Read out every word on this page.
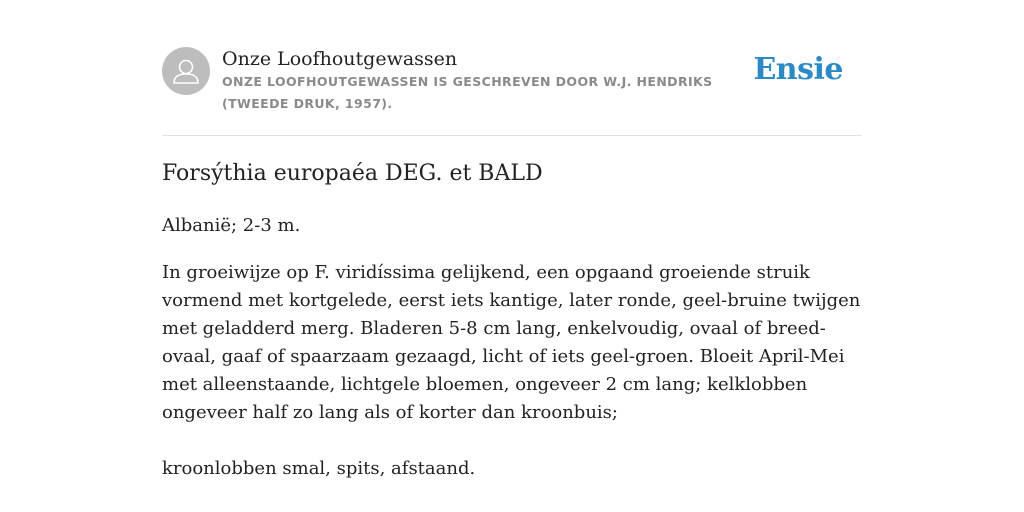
Onze Loofhoutgewassen
ONZE LOOFHOUTGEWASSEN IS GESCHREVEN DOOR W.J. HENDRIKS (TWEEDE DRUK, 1957).
Ensie
Forsýthia europaéa DEG. et BALD

Albanië; 2-3 m.

In groeiwijze op F. viridíssima gelijkend, een opgaand groeiende struik vormend met kortgelede, eerst iets kantige, later ronde, geel-bruine twijgen met geladderd merg. Bladeren 5-8 cm lang, enkelvoudig, ovaal of breed-ovaal, gaaf of spaarzaam gezaagd, licht of iets geel-groen. Bloeit April-Mei met alleenstaande, lichtgele bloemen, ongeveer 2 cm lang; kelklobben ongeveer half zo lang als of korter dan kroonbuis;

kroonlobben smal, spits, afstaand.
